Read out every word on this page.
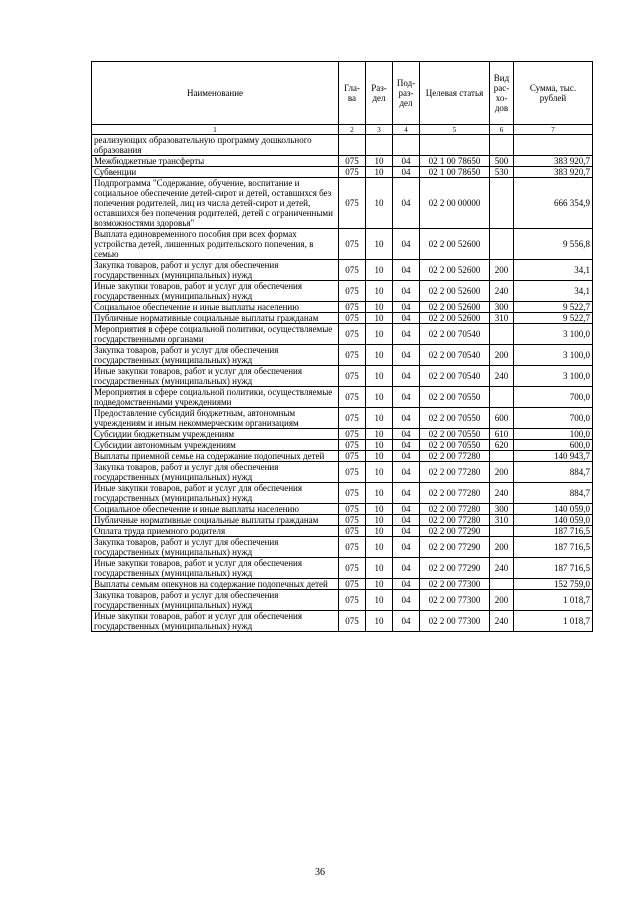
Наименование	Гла-ва	Раз-дел	Под-раз-дел	Целевая статья	Вид рас-хо-дов	Сумма, тыс. рублей
1	2	3	4	5	6	7
реализующих образовательную программу дошкольного образования						
Межбюджетные трансферты	075	10	04	02 1 00 78650	500	383 920,7
Субвенции	075	10	04	02 1 00 78650	530	383 920,7
Подпрограмма "Содержание, обучение, воспитание и социальное обеспечение детей-сирот и детей, оставшихся без попечения родителей, лиц из числа детей-сирот и детей, оставшихся без попечения родителей, детей с ограниченными возможностями здоровья"	075	10	04	02 2 00 00000		666 354,9
Выплата единовременного пособия при всех формах устройства детей, лишенных родительского попечения, в семью	075	10	04	02 2 00 52600		9 556,8
Закупка товаров, работ и услуг для обеспечения государственных (муниципальных) нужд	075	10	04	02 2 00 52600	200	34,1
Иные закупки товаров, работ и услуг для обеспечения государственных (муниципальных) нужд	075	10	04	02 2 00 52600	240	34,1
Социальное обеспечение и иные выплаты населению	075	10	04	02 2 00 52600	300	9 522,7
Публичные нормативные социальные выплаты гражданам	075	10	04	02 2 00 52600	310	9 522,7
Мероприятия в сфере социальной политики, осуществляемые государственными органами	075	10	04	02 2 00 70540		3 100,0
Закупка товаров, работ и услуг для обеспечения государственных (муниципальных) нужд	075	10	04	02 2 00 70540	200	3 100,0
Иные закупки товаров, работ и услуг для обеспечения государственных (муниципальных) нужд	075	10	04	02 2 00 70540	240	3 100,0
Мероприятия в сфере социальной политики, осуществляемые подведомственными учреждениями	075	10	04	02 2 00 70550		700,0
Предоставление субсидий бюджетным, автономным учреждениям и иным некоммерческим организациям	075	10	04	02 2 00 70550	600	700,0
Субсидии бюджетным учреждениям	075	10	04	02 2 00 70550	610	100,0
Субсидии автономным учреждениям	075	10	04	02 2 00 70550	620	600,0
Выплаты приемной семье на содержание подопечных детей	075	10	04	02 2 00 77280		140 943,7
Закупка товаров, работ и услуг для обеспечения государственных (муниципальных) нужд	075	10	04	02 2 00 77280	200	884,7
Иные закупки товаров, работ и услуг для обеспечения государственных (муниципальных) нужд	075	10	04	02 2 00 77280	240	884,7
Социальное обеспечение и иные выплаты населению	075	10	04	02 2 00 77280	300	140 059,0
Публичные нормативные социальные выплаты гражданам	075	10	04	02 2 00 77280	310	140 059,0
Оплата труда приемного родителя	075	10	04	02 2 00 77290		187 716,5
Закупка товаров, работ и услуг для обеспечения государственных (муниципальных) нужд	075	10	04	02 2 00 77290	200	187 716,5
Иные закупки товаров, работ и услуг для обеспечения государственных (муниципальных) нужд	075	10	04	02 2 00 77290	240	187 716,5
Выплаты семьям опекунов на содержание подопечных детей	075	10	04	02 2 00 77300		152 759,0
Закупка товаров, работ и услуг для обеспечения государственных (муниципальных) нужд	075	10	04	02 2 00 77300	200	1 018,7
Иные закупки товаров, работ и услуг для обеспечения государственных (муниципальных) нужд	075	10	04	02 2 00 77300	240	1 018,7
36
